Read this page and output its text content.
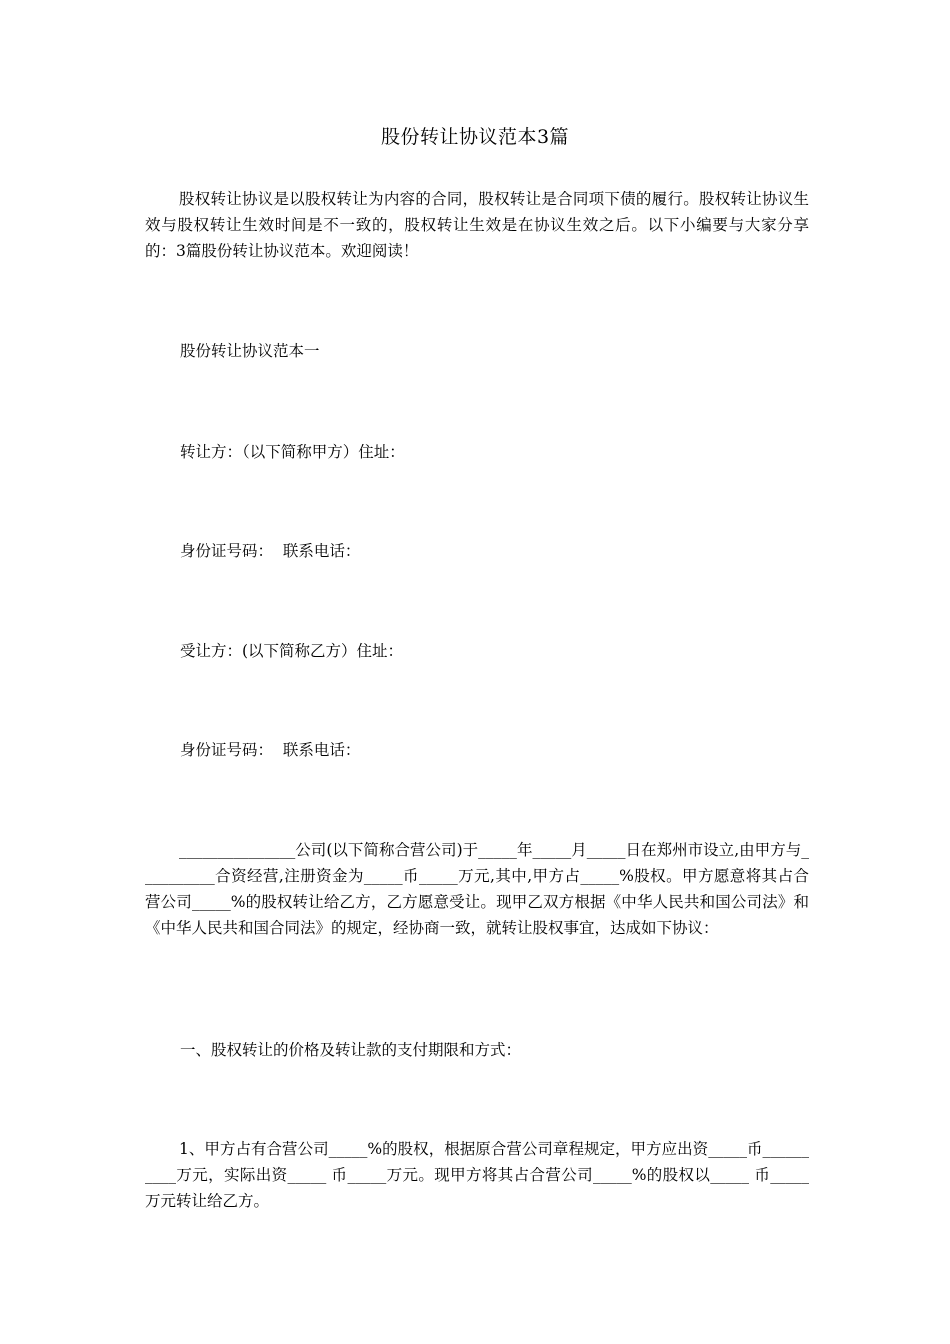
股份转让协议范本3篇
股权转让协议是以股权转让为内容的合同，股权转让是合同项下债的履行。股权转让协议生效与股权转让生效时间是不一致的，股权转让生效是在协议生效之后。以下小编要与大家分享的：3篇股份转让协议范本。欢迎阅读！
股份转让协议范本一
转让方：（以下简称甲方）住址：
身份证号码：  联系电话：
受让方：(以下简称乙方）住址：
身份证号码：  联系电话：
_______________公司(以下简称合营公司)于_____年_____月_____日在郑州市设立,由甲方与__________合资经营,注册资金为_____币_____万元,其中,甲方占_____%股权。甲方愿意将其占合营公司_____%的股权转让给乙方，乙方愿意受让。现甲乙双方根据《中华人民共和国公司法》和《中华人民共和国合同法》的规定，经协商一致，就转让股权事宜，达成如下协议：
一、股权转让的价格及转让款的支付期限和方式：
1、甲方占有合营公司_____%的股权，根据原合营公司章程规定，甲方应出资_____币__________万元，实际出资_____ 币_____万元。现甲方将其占合营公司_____%的股权以_____ 币_____万元转让给乙方。
